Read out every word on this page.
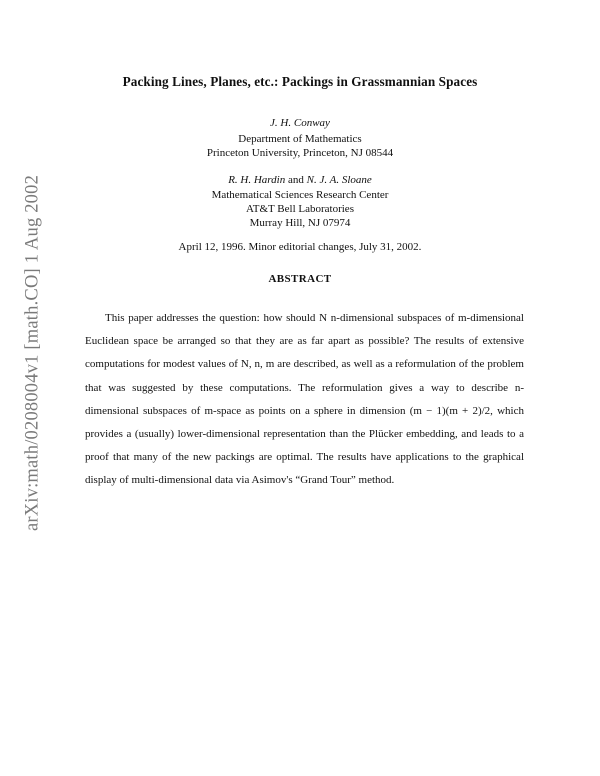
arXiv:math/0208004v1 [math.CO] 1 Aug 2002
Packing Lines, Planes, etc.: Packings in Grassmannian Spaces
J. H. Conway
Department of Mathematics
Princeton University, Princeton, NJ 08544
R. H. Hardin and N. J. A. Sloane
Mathematical Sciences Research Center
AT&T Bell Laboratories
Murray Hill, NJ 07974
April 12, 1996. Minor editorial changes, July 31, 2002.
ABSTRACT

This paper addresses the question: how should N n-dimensional subspaces of m-dimensional Euclidean space be arranged so that they are as far apart as possible? The results of extensive computations for modest values of N, n, m are described, as well as a reformulation of the problem that was suggested by these computations. The reformulation gives a way to describe n-dimensional subspaces of m-space as points on a sphere in dimension (m − 1)(m + 2)/2, which provides a (usually) lower-dimensional representation than the Plücker embedding, and leads to a proof that many of the new packings are optimal. The results have applications to the graphical display of multi-dimensional data via Asimov's “Grand Tour” method.
